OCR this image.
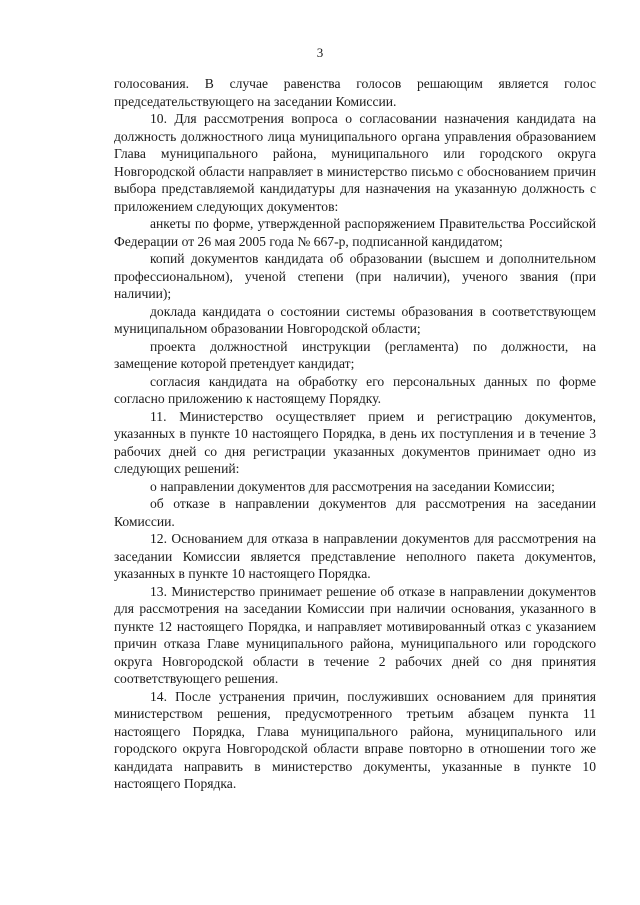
3

голосования. В случае равенства голосов решающим является голос председательствующего на заседании Комиссии.

10. Для рассмотрения вопроса о согласовании назначения кандидата на должность должностного лица муниципального органа управления образованием Глава муниципального района, муниципального или городского округа Новгородской области направляет в министерство письмо с обоснованием причин выбора представляемой кандидатуры для назначения на указанную должность с приложением следующих документов:

анкеты по форме, утвержденной распоряжением Правительства Российской Федерации от 26 мая 2005 года № 667-р, подписанной кандидатом;

копий документов кандидата об образовании (высшем и дополнительном профессиональном), ученой степени (при наличии), ученого звания (при наличии);

доклада кандидата о состоянии системы образования в соответствующем муниципальном образовании Новгородской области;

проекта должностной инструкции (регламента) по должности, на замещение которой претендует кандидат;

согласия кандидата на обработку его персональных данных по форме согласно приложению к настоящему Порядку.

11. Министерство осуществляет прием и регистрацию документов, указанных в пункте 10 настоящего Порядка, в день их поступления и в течение 3 рабочих дней со дня регистрации указанных документов принимает одно из следующих решений:

о направлении документов для рассмотрения на заседании Комиссии;

об отказе в направлении документов для рассмотрения на заседании Комиссии.

12. Основанием для отказа в направлении документов для рассмотрения на заседании Комиссии является представление неполного пакета документов, указанных в пункте 10 настоящего Порядка.

13. Министерство принимает решение об отказе в направлении документов для рассмотрения на заседании Комиссии при наличии основания, указанного в пункте 12 настоящего Порядка, и направляет мотивированный отказ с указанием причин отказа Главе муниципального района, муниципального или городского округа Новгородской области в течение 2 рабочих дней со дня принятия соответствующего решения.

14. После устранения причин, послуживших основанием для принятия министерством решения, предусмотренного третьим абзацем пункта 11 настоящего Порядка, Глава муниципального района, муниципального или городского округа Новгородской области вправе повторно в отношении того же кандидата направить в министерство документы, указанные в пункте 10 настоящего Порядка.
